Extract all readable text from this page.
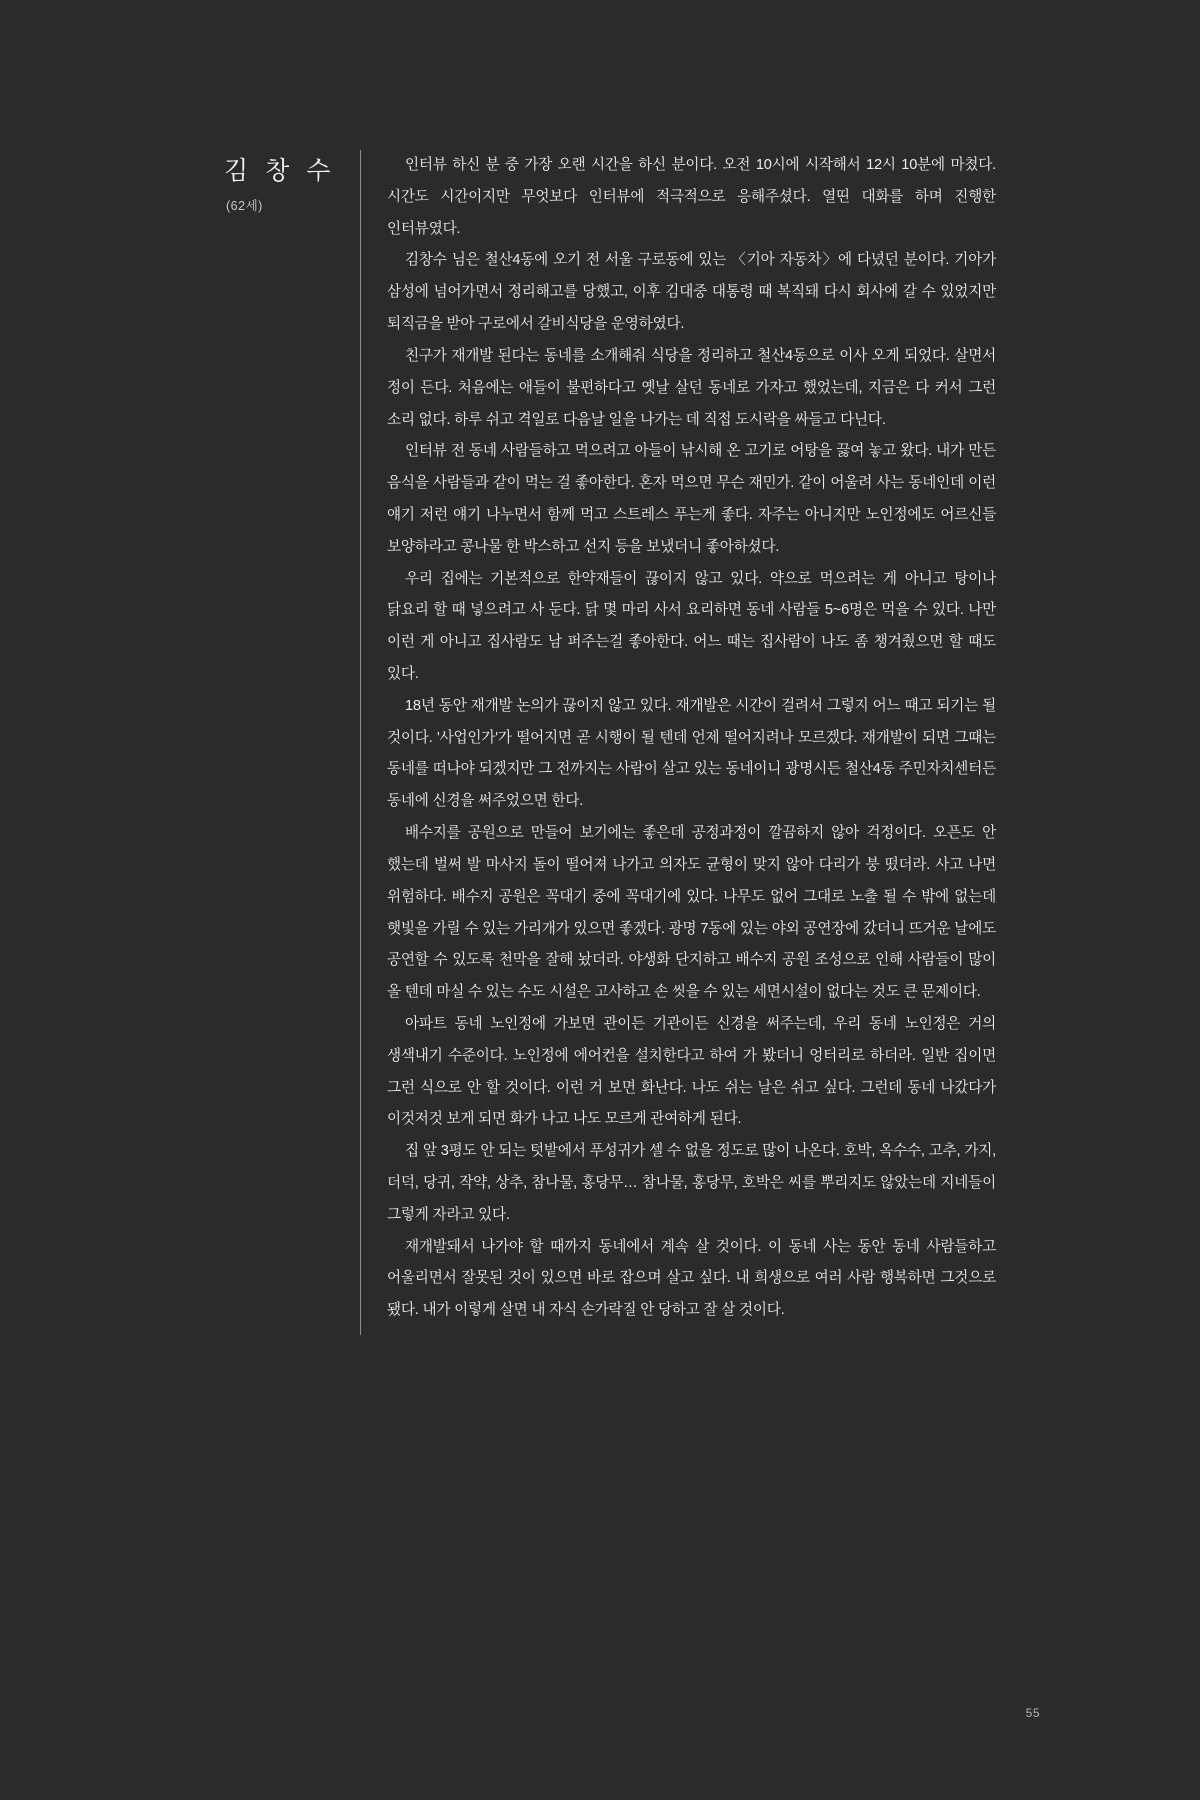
김 창 수
(62세)

인터뷰 하신 분 중 가장 오랜 시간을 하신 분이다. 오전 10시에 시작해서 12시 10분에 마쳤다. 시간도 시간이지만 무엇보다 인터뷰에 적극적으로 응해주셨다. 열띤 대화를 하며 진행한 인터뷰였다.

김창수 님은 철산4동에 오기 전 서울 구로동에 있는 〈기아 자동차〉에 다녔던 분이다. 기아가 삼성에 넘어가면서 정리해고를 당했고, 이후 김대중 대통령 때 복직돼 다시 회사에 갈 수 있었지만 퇴직금을 받아 구로에서 갈비식당을 운영하였다.

친구가 재개발 된다는 동네를 소개해줘 식당을 정리하고 철산4동으로 이사 오게 되었다. 살면서 정이 든다. 처음에는 애들이 불편하다고 옛날 살던 동네로 가자고 했었는데, 지금은 다 커서 그런 소리 없다. 하루 쉬고 격일로 다음날 일을 나가는 데 직접 도시락을 싸들고 다닌다.

인터뷰 전 동네 사람들하고 먹으려고 아들이 낚시해 온 고기로 어탕을 끓여 놓고 왔다. 내가 만든 음식을 사람들과 같이 먹는 걸 좋아한다. 혼자 먹으면 무슨 재민가. 같이 어울려 사는 동네인데 이런 얘기 저런 얘기 나누면서 함께 먹고 스트레스 푸는게 좋다. 자주는 아니지만 노인정에도 어르신들 보양하라고 콩나물 한 박스하고 선지 등을 보냈더니 좋아하셨다.

우리 집에는 기본적으로 한약재들이 끊이지 않고 있다. 약으로 먹으려는 게 아니고 탕이나 닭요리 할 때 넣으려고 사 둔다. 닭 몇 마리 사서 요리하면 동네 사람들 5~6명은 먹을 수 있다. 나만 이런 게 아니고 집사람도 남 퍼주는걸 좋아한다. 어느 때는 집사람이 나도 좀 챙겨줬으면 할 때도 있다.

18년 동안 재개발 논의가 끊이지 않고 있다. 재개발은 시간이 걸려서 그렇지 어느 때고 되기는 될 것이다. '사업인가'가 떨어지면 곧 시행이 될 텐데 언제 떨어지려나 모르겠다. 재개발이 되면 그때는 동네를 떠나야 되겠지만 그 전까지는 사람이 살고 있는 동네이니 광명시든 철산4동 주민자치센터든 동네에 신경을 써주었으면 한다.

배수지를 공원으로 만들어 보기에는 좋은데 공정과정이 깔끔하지 않아 걱정이다. 오픈도 안 했는데 벌써 발 마사지 돌이 떨어져 나가고 의자도 균형이 맞지 않아 다리가 붕 떴더라. 사고 나면 위험하다. 배수지 공원은 꼭대기 중에 꼭대기에 있다. 나무도 없어 그대로 노출 될 수 밖에 없는데 햇빛을 가릴 수 있는 가리개가 있으면 좋겠다. 광명 7동에 있는 야외 공연장에 갔더니 뜨거운 날에도 공연할 수 있도록 천막을 잘해 놨더라. 야생화 단지하고 배수지 공원 조성으로 인해 사람들이 많이 올 텐데 마실 수 있는 수도 시설은 고사하고 손 씻을 수 있는 세면시설이 없다는 것도 큰 문제이다.

아파트 동네 노인정에 가보면 관이든 기관이든 신경을 써주는데, 우리 동네 노인정은 거의 생색내기 수준이다. 노인정에 에어컨을 설치한다고 하여 가 봤더니 엉터리로 하더라. 일반 집이면 그런 식으로 안 할 것이다. 이런 거 보면 화난다. 나도 쉬는 날은 쉬고 싶다. 그런데 동네 나갔다가 이것저것 보게 되면 화가 나고 나도 모르게 관여하게 된다.

집 앞 3평도 안 되는 텃밭에서 푸성귀가 셀 수 없을 정도로 많이 나온다. 호박, 옥수수, 고추, 가지, 더덕, 당귀, 작약, 상추, 참나물, 홍당무… 참나물, 홍당무, 호박은 씨를 뿌리지도 않았는데 지네들이 그렇게 자라고 있다.

재개발돼서 나가야 할 때까지 동네에서 계속 살 것이다. 이 동네 사는 동안 동네 사람들하고 어울리면서 잘못된 것이 있으면 바로 잡으며 살고 싶다. 내 희생으로 여러 사람 행복하면 그것으로 됐다. 내가 이렇게 살면 내 자식 손가락질 안 당하고 잘 살 것이다.

55
